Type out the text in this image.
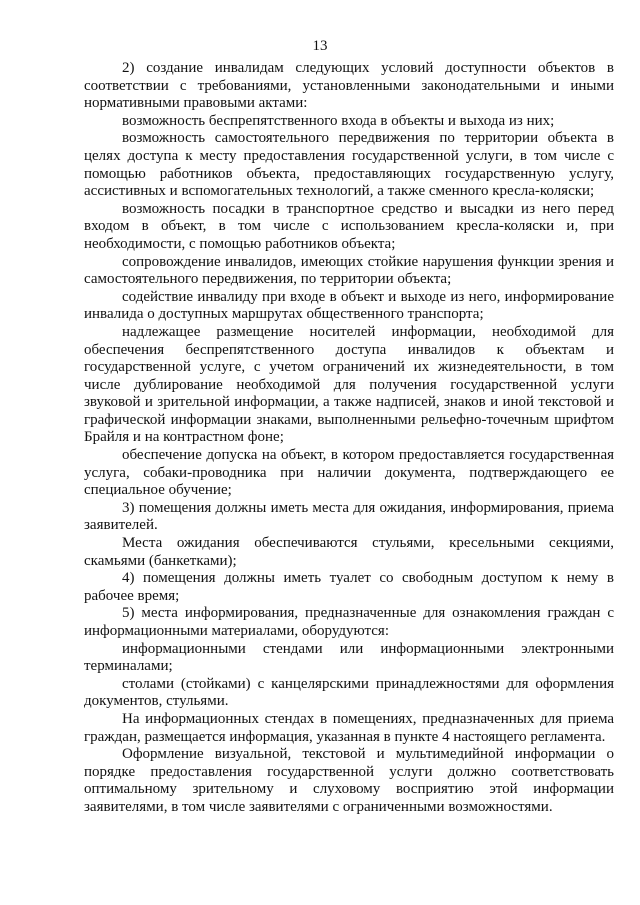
13

2) создание инвалидам следующих условий доступности объектов в соответствии с требованиями, установленными законодательными и иными нормативными правовыми актами:

возможность беспрепятственного входа в объекты и выхода из них;

возможность самостоятельного передвижения по территории объекта в целях доступа к месту предоставления государственной услуги, в том числе с помощью работников объекта, предоставляющих государственную услугу, ассистивных и вспомогательных технологий, а также сменного кресла-коляски;

возможность посадки в транспортное средство и высадки из него перед входом в объект, в том числе с использованием кресла-коляски и, при необходимости, с помощью работников объекта;

сопровождение инвалидов, имеющих стойкие нарушения функции зрения и самостоятельного передвижения, по территории объекта;

содействие инвалиду при входе в объект и выходе из него, информирование инвалида о доступных маршрутах общественного транспорта;

надлежащее размещение носителей информации, необходимой для обеспечения беспрепятственного доступа инвалидов к объектам и государственной услуге, с учетом ограничений их жизнедеятельности, в том числе дублирование необходимой для получения государственной услуги звуковой и зрительной информации, а также надписей, знаков и иной текстовой и графической информации знаками, выполненными рельефно-точечным шрифтом Брайля и на контрастном фоне;

обеспечение допуска на объект, в котором предоставляется государственная услуга, собаки-проводника при наличии документа, подтверждающего ее специальное обучение;

3) помещения должны иметь места для ожидания, информирования, приема заявителей.

Места ожидания обеспечиваются стульями, кресельными секциями, скамьями (банкетками);

4) помещения должны иметь туалет со свободным доступом к нему в рабочее время;

5) места информирования, предназначенные для ознакомления граждан с информационными материалами, оборудуются:

информационными стендами или информационными электронными терминалами;

столами (стойками) с канцелярскими принадлежностями для оформления документов, стульями.

На информационных стендах в помещениях, предназначенных для приема граждан, размещается информация, указанная в пункте 4 настоящего регламента.

Оформление визуальной, текстовой и мультимедийной информации о порядке предоставления государственной услуги должно соответствовать оптимальному зрительному и слуховому восприятию этой информации заявителями, в том числе заявителями с ограниченными возможностями.
